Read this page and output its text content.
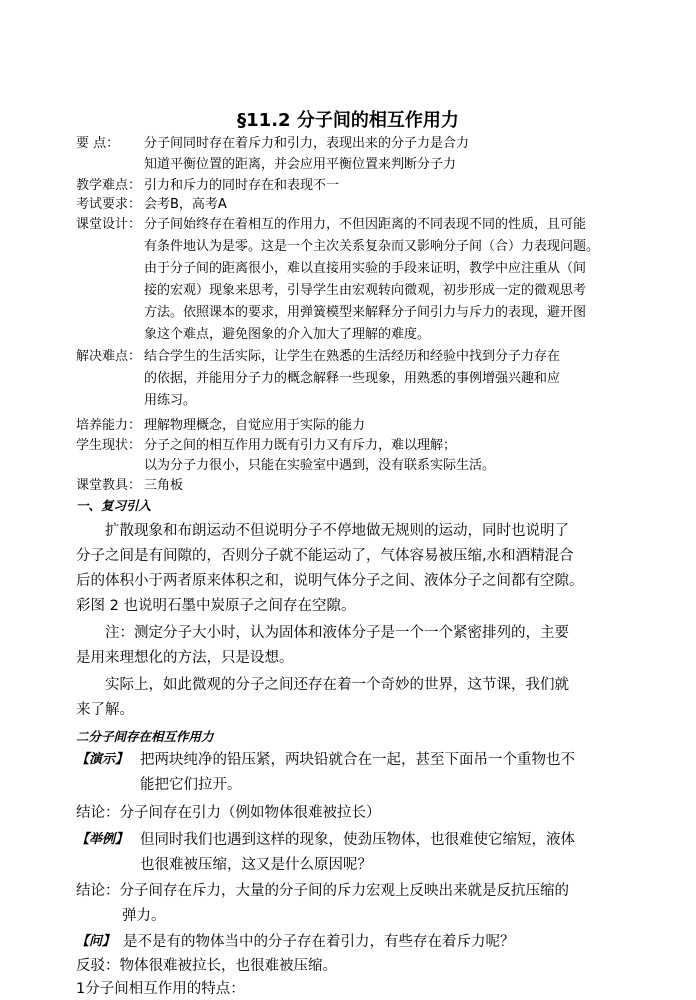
§11.2 分子间的相互作用力
要 点： 分子间同时存在着斥力和引力，表现出来的分子力是合力
知道平衡位置的距离，并会应用平衡位置来判断分子力
教学难点： 引力和斥力的同时存在和表现不一
考试要求： 会考B，高考A
课堂设计： 分子间始终存在着相互的作用力，不但因距离的不同表现不同的性质，且可能
有条件地认为是零。这是一个主次关系复杂而又影响分子间（合）力表现问题。
由于分子间的距离很小，难以直接用实验的手段来证明，教学中应注重从（间
接的宏观）现象来思考，引导学生由宏观转向微观，初步形成一定的微观思考
方法。依照课本的要求，用弹簧模型来解释分子间引力与斥力的表现，避开图
象这个难点，避免图象的介入加大了理解的难度。
解决难点： 结合学生的生活实际，让学生在熟悉的生活经历和经验中找到分子力存在
的依据，并能用分子力的概念解释一些现象，用熟悉的事例增强兴趣和应
用练习。
培养能力： 理解物理概念，自觉应用于实际的能力
学生现状： 分子之间的相互作用力既有引力又有斥力，难以理解；
以为分子力很小，只能在实验室中遇到，没有联系实际生活。
课堂教具： 三角板
一、复习引入
扩散现象和布朗运动不但说明分子不停地做无规则的运动，同时也说明了
分子之间是有间隙的，否则分子就不能运动了，气体容易被压缩,水和酒精混合
后的体积小于两者原来体积之和，说明气体分子之间、液体分子之间都有空隙。
彩图 2 也说明石墨中炭原子之间存在空隙。
注：测定分子大小时，认为固体和液体分子是一个一个紧密排列的，主要
是用来理想化的方法，只是设想。
实际上，如此微观的分子之间还存在着一个奇妙的世界，这节课，我们就
来了解。
二分子间存在相互作用力
【演示】 把两块纯净的铅压紧，两块铅就合在一起，甚至下面吊一个重物也不
能把它们拉开。
结论：分子间存在引力（例如物体很难被拉长）
【举例】 但同时我们也遇到这样的现象，使劲压物体，也很难使它缩短，液体
也很难被压缩，这又是什么原因呢？
结论：分子间存在斥力，大量的分子间的斥力宏观上反映出来就是反抗压缩的
弹力。
【问】 是不是有的物体当中的分子存在着引力，有些存在着斥力呢？
反驳：物体很难被拉长，也很难被压缩。
1分子间相互作用的特点：
